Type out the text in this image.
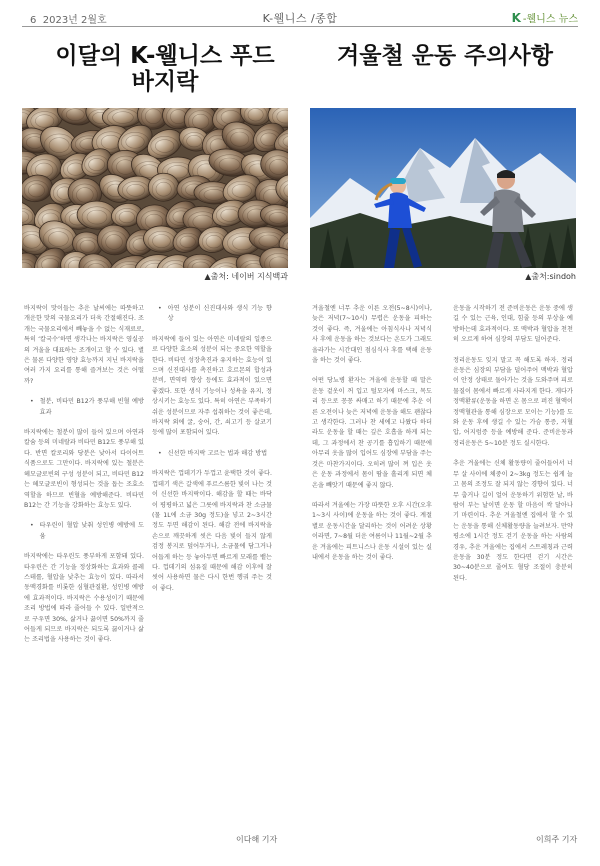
6 2023년 2월호	K-웰니스 /종합	K -웰니스 뉴스
이달의 K-웰니스 푸드
바지락
겨울철 운동 주의사항
▲출처: 네이버 지식백과	▲출처:sindoh

바지락이 맛이들는 추운 날씨에는 따뜻하고 개운한 맛의 국물요리가 더욱 간절해진다. 조개는 국물요리에서 빼놓을 수 없는 식재료로, 특히 ‘칼국수’하면 생각나는 바지락은 영실공의 겨울을 대표하는 조개이고 할 수 있다. 별은 물론 다양한 영양 효능까지 지닌 바지락을 여러 가지 요리를 통해 즐겨보는 것은 어떨까?

• 철분, 비타민 B12가 풍부해 빈혈 예방 효과

바지락에는 철분이 많이 들어 있으며 아연과 칼슘 등의 미네랄과 비타민 B12도 풍부해 있다. 반면 칼로리와 당분은 낮아서 다이어트 식품으로도 그만이다. 바지락에 있는 철분은 헤모글로빈의 구성 성분이 되고, 비타민 B12는 헤모글로빈이 형성되는 것을 돕는 조효소 역할을 하므로 빈혈을 예방해준다. 비타민 B12는 간 기능을 강화하는 효능도 있다.

• 타우린이 혈압 낮춰 성인병 예방에 도움

바지락에는 타우린도 풍부하게 포함돼 있다. 타우린은 간 기능을 정상화하는 효과와 콜레스테롤, 혈압을 낮추는 효능이 있다. 따라서 동맥경화를 비롯한 심혈관질환, 성인병 예방에 효과적이다. 바지락은 수용성이기 때문에 조리 방법에 따라 줄어들 수 있다. 일반적으로 구우면 30%, 삶거나 끓이면 50%까지 줄어들게 되므로 바지락은 되도록 끓이거나 삶는 조리법을 사용하는 것이 좋다.

• 아연 성분이 신진대사와 생식 기능 향상

바지락에 들어 있는 아연은 미네랄의 일종으로 다양한 효소의 성분이 되는 중요한 역할을 한다. 비타민 성장촉진과 유지하는 효능이 있으며 신진대사를 촉진하고 호르몬의 합성과 분비, 면역력 향상 등에도 효과적이 있으면 좋겠다. 또한 생식 기능이나 성욕을 유지, 정상시키는 효능도 있다. 특히 아연은 부족하기 쉬운 성분이므로 자주 섭취하는 것이 좋은데, 바지락 외에 굴, 숭어, 간, 쇠고기 등 살코기 등에 많이 포함되어 있다.

• 신선한 바지락 고르는 법과 해감 방법

바지락은 껍데기가 두껍고 윤택한 것이 좋다. 껍데기 색은 갈색에 푸르스름한 빛이 나는 것이 신선한 바지락이다. 해감을 할 때는 바닥이 평평하고 넓은 그릇에 바지락과 찬 소금물(물 1L에 소금 30g 정도)을 넣고 2~3시간 정도 두면 해감이 된다. 해감 전에 바지락을 손으로 깨끗하게 씻은 다음 빛이 들지 않게 검정 봉지로 덮어두거나, 소금물에 담그거나 어둡게 하는 등 놓아두면 빠르게 모래를 뱉는다. 껍데기의 섬유질 때문에 해감 이후에 잘 씻어 사용하면 물은 다시 한번 헹궈 주는 것이 좋다.

겨울철엔 너무 추운 이른 오전(5~8시)이나, 늦은 저녁(7~10시) 무렵은 운동을 피하는 것이 좋다. 즉, 겨울에는 아침식사나 저녁식사 후에 운동을 하는 것보다는 온도가 그래도 올라가는 시간대인 점심식사 후를 택해 운동을 하는 것이 좋다.

어떤 당뇨병 환자는 겨울에 운동할 때 말은 운동 겉옷이 꺼 입고 털모자에 마스크, 목도리 등으로 꽁꽁 싸매고 하기 때문에 추운 이른 오전이나 늦은 저녁에 운동을 해도 괜찮다고 생각한다. 그러나 찬 세에고 나왔다 하더라도 운동을 할 때는 깊은 호흡을 하게 되는데, 그 과정에서 찬 공기를 흡입하기 때문에 아무리 옷을 많이 입어도 심장에 부담을 주는 것은 마찬가지이다. 오히려 많이 껴 입은 옷은 운동 과정에서 몸이 땀을 흘리게 되면 체온을 빼앗기 때문에 좋지 않다.

따라서 겨울에는 가장 따뜻한 오후 시간(오후 1~3시 사이)에 운동을 하는 것이 좋다. 계절별로 운동시간을 달리하는 것이 어려운 상황이라면, 7~8월 더운 여름이나 11월~2월 추운 겨울에는 피트니스나 운동 시설이 있는 실내에서 운동을 하는 것이 좋다.

운동을 시작하기 전 준비운동은 운동 중에 생길 수 있는 근육, 인대, 힘줄 등의 부상을 예방하는데 효과적이다. 또 맥박과 혈압을 천천히 오르게 하여 심장의 부담도 덜어준다.

정리운동도 잊지 말고 꼭 해도록 하자. 정리운동은 심장의 부담을 덜어주어 맥박과 혈압이 안정 상태로 돌아가는 것을 도와주며 피로물질이 몸에서 빠르게 사라지게 한다. 게다가 정맥환류(운동을 하면 온 몸으로 퍼진 혈액이 정맥혈관을 통해 심장으로 모이는 기능)를 도와 운동 후에 생길 수 있는 가슴 통증, 저혈압, 어지럼증 등을 예방해 준다. 준비운동과 정리운동은 5~10분 정도 실시한다.

추운 겨울에는 신체 활동량이 줄어들어서 너무 살 사이에 체중이 2~3kg 정도는 쉽게 늘고 몸의 조정도 잘 되지 않는 경향이 있다. 너무 춥거나 길이 얼어 운동하기 위험한 날, 바람이 부는 날이면 운동 할 마음이 싹 달아나기 마련이다. 추운 겨울철엔 집에서 할 수 있는 운동을 통해 신체활동량을 늘려보자. 만약 평소에 1시간 정도 걷기 운동을 하는 사람의 경우, 추운 겨울에는 집에서 스트레칭과 근력운동을 30분 정도 한다면 걷기 시간은 30~40분으로 줄여도 혈당 조절이 충분히 된다.

이다해 기자	이희주 기자
